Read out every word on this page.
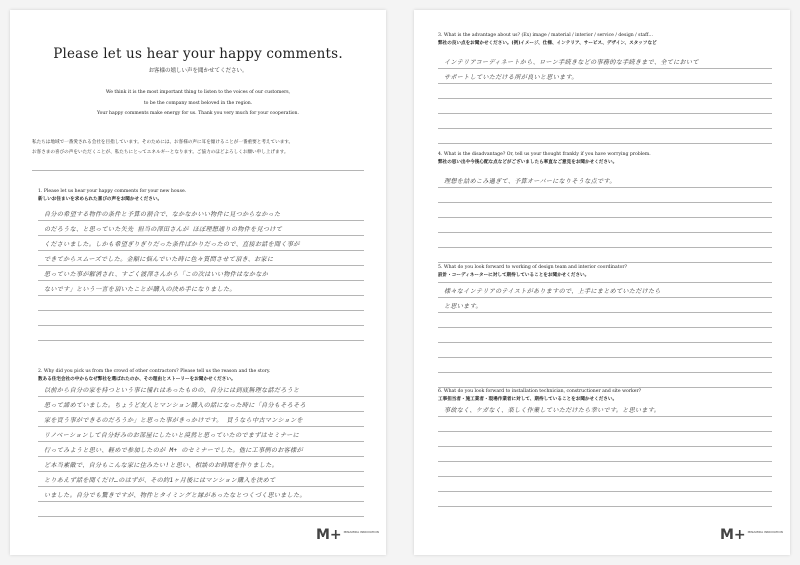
Please let us hear your happy comments.
お客様の嬉しい声を聞かせてください。
We think it is the most important thing to listen to the voices of our customers,
to be the company most beloved in the region.
Your happy comments make energy for us. Thank you very much for your cooperation.
私たちは地域で一番愛される会社を目指しています。そのためには、お客様の声に耳を傾けることが一番重要と考えています。
お客さまの喜びの声をいただくことが、私たちにとってエネルギーとなります。ご協力のほどよろしくお願い申し上げます。
1. Please let us hear your happy comments for your new house.
新しいお住まいを求められた喜びの声をお聞かせください。
自分の希望する物件の条件と予算の割合で、なかなかいい物件に見つからなかった
のだろうな、と思っていた矢先 担当の澤田さんが ほぼ理想通りの物件を見つけて
くださいました。しかも希望ぎりぎりだった条件ばかりだったので、直接お話を聞く事が
できてからスムーズでした。金額に悩んでいた時に色々質問させて頂き、お家に
思っていた事が解消され、すごく渡澤さんから「この次はいい物件はなかなか
ないです」という一言を頂いたことが購入の決め手になりました。
2. Why did you pick us from the crowd of other contractors? Please tell us the reason and the story.
数ある住宅会社の中からなぜ弊社を選ばれたのか、その理由とストーリーをお聞かせください。
以前から自分の家を持つという事に憧れはあったものの、自分には到底無理な話だろうと
思って諦めていました。ちょうど友人とマンション購入の話になった時に「自分もそろそろ
家を買う事ができるのだろうか」と思った事がきっかけです。 買うなら中古マンションを
リノベーションして自分好みのお部屋にしたいと漠然と思っていたのでまずはセミナーに
行ってみようと思い、軽めで参加したのが M+ のセミナーでした。他に工事例のお客様が
ど本当素敵で、自分もこんな家に住みたい!と思い、相談のお時間を作りました。
とりあえず話を聞くだけ…のはずが、その約1ヶ月後にはマンション購入を決めて
いました。自分でも驚きですが、物件とタイミングと縁があったなとつくづく思いました。
M+ $^{MINAMIDA INNOVATION}$
3. What is the advantage about us? (Ex) image / material / interior / service / design / staff…
弊社の良い点をお聞かせください。(例)イメージ、仕様、インテリア、サービス、デザイン、スタッフなど
インテリアコーディネートから、ローン手続きなどの事務的な手続きまで、全てにおいて
サポートしていただける所が良いと思います。
4. What is the disadvantage? Or, tell us your thought frankly if you have worrying problem.
弊社の思い出や今後心配な点などがございましたら率直なご意見をお聞かせください。
理想を詰めこみ過ぎて、予算オーバーになりそうな点です。
5. What do you look forward to working of design team and interior coordinator?
設計・コーディネーターに対して期待していることをお聞かせください。
様々なインテリアのテイストがありますので、上手にまとめていただけたら
と思います。
6. What do you look forward to installation technician, constructioner and site worker?
工事担当者・施工業者・現場作業者に対して、期待していることをお聞かせください。
事故なく、ケガなく、楽しく作業していただけたら幸いです。と思います。
M+ $^{MINAMIDA INNOVATION}$
